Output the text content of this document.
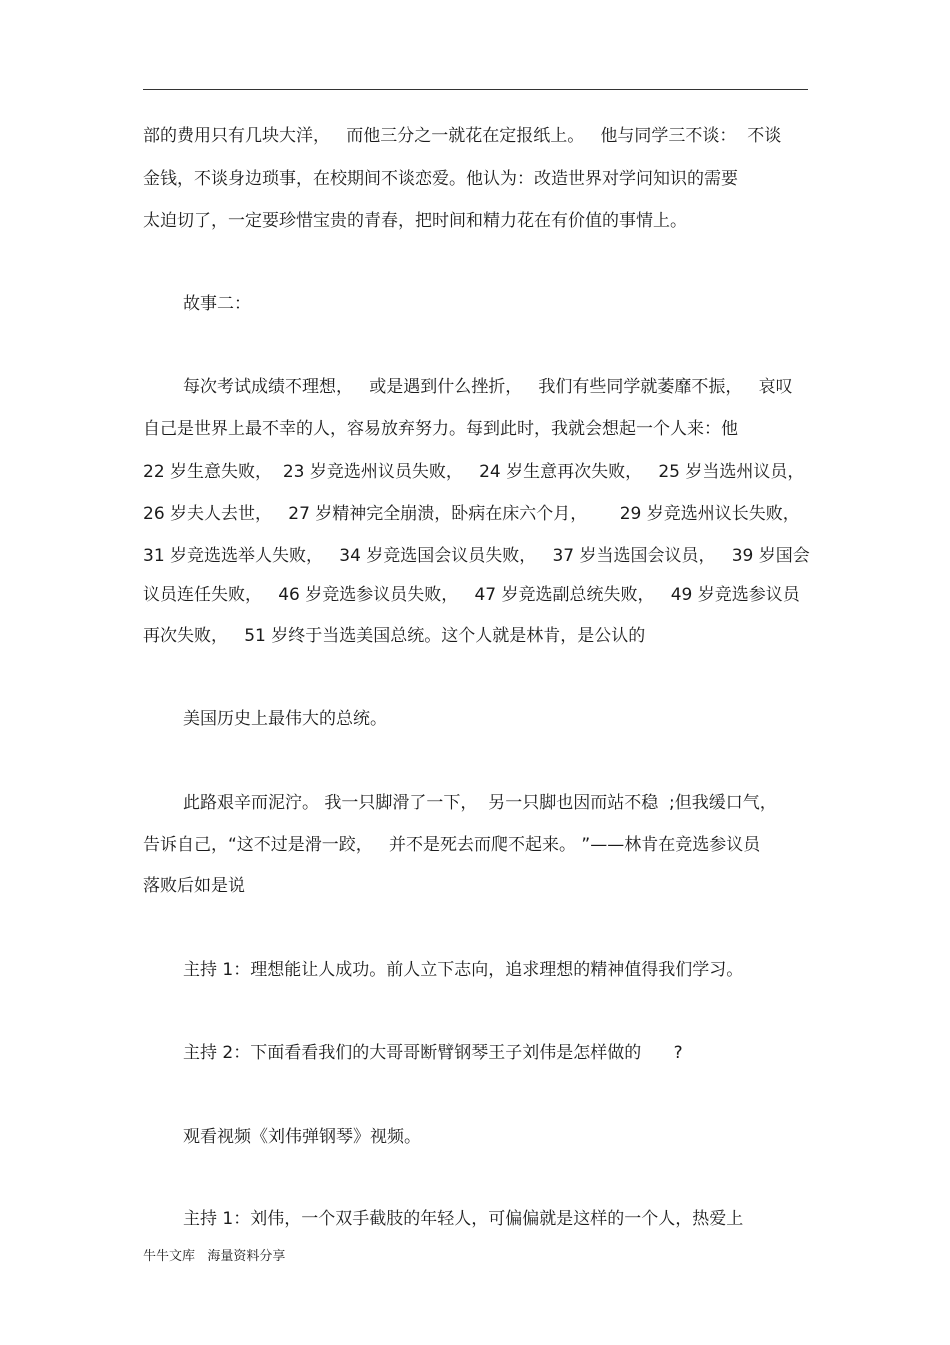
部的费用只有几块大洋，   而他三分之一就花在定报纸上。   他与同学三不谈：  不谈
金钱，不谈身边琐事，在校期间不谈恋爱。他认为：改造世界对学问知识的需要
太迫切了，一定要珍惜宝贵的青春，把时间和精力花在有价值的事情上。
故事二：
每次考试成绩不理想，   或是遇到什么挫折，   我们有些同学就萎靡不振，   哀叹
自己是世界上最不幸的人，容易放弃努力。每到此时，我就会想起一个人来：他
22 岁生意失败，  23 岁竞选州议员失败，   24 岁生意再次失败，   25 岁当选州议员，
26 岁夫人去世，   27 岁精神完全崩溃，卧病在床六个月，      29 岁竞选州议长失败，
31 岁竞选选举人失败，   34 岁竞选国会议员失败，   37 岁当选国会议员，   39 岁国会
议员连任失败，   46 岁竞选参议员失败，   47 岁竞选副总统失败，   49 岁竞选参议员
再次失败，   51 岁终于当选美国总统。这个人就是林肯，是公认的
美国历史上最伟大的总统。
此路艰辛而泥泞。 我一只脚滑了一下，  另一只脚也因而站不稳  ;但我缓口气，
告诉自己，“这不过是滑一跤，   并不是死去而爬不起来。 ”——林肯在竞选参议员
落败后如是说
主持 1：理想能让人成功。前人立下志向，追求理想的精神值得我们学习。
主持 2：下面看看我们的大哥哥断臂钢琴王子刘伟是怎样做的      ?
观看视频《刘伟弹钢琴》视频。
主持 1：刘伟，一个双手截肢的年轻人，可偏偏就是这样的一个人，热爱上
牛牛文库   海量资料分享
